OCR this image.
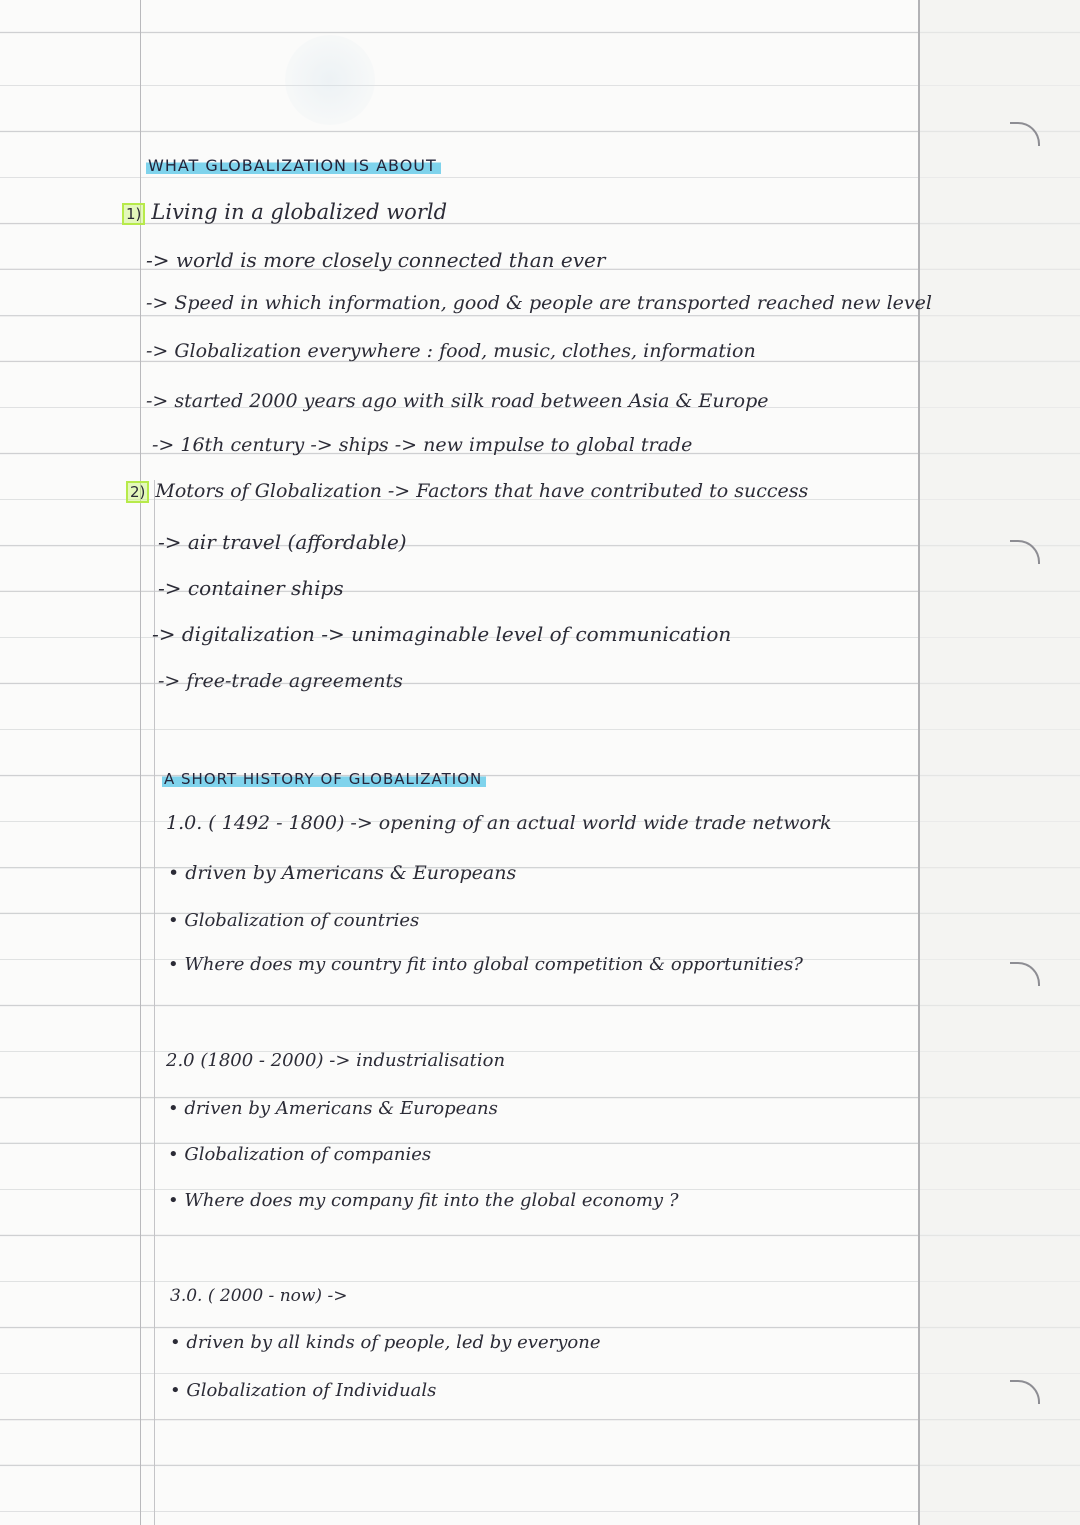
WHAT GLOBALIZATION IS ABOUT
1) Living in a globalized world
-> world is more closely connected than ever
-> Speed in which information, good & people are transported reached new level
-> Globalization everywhere : food, music, clothes, information
-> started 2000 years ago with silk road between Asia & Europe
-> 16th century -> ships -> new impulse to global trade
2) Motors of Globalization -> Factors that have contributed to success
-> air travel (affordable)
-> container ships
-> digitalization -> unimaginable level of communication
-> free-trade agreements
A SHORT HISTORY OF GLOBALIZATION
1.0. ( 1492 - 1800) -> opening of an actual world wide trade network
• driven by Americans & Europeans
• Globalization of countries
• Where does my country fit into global competition & opportunities?
2.0 (1800 - 2000) -> industrialisation
• driven by Americans & Europeans
• Globalization of companies
• Where does my company fit into the global economy ?
3.0. ( 2000 - now) ->
• driven by all kinds of people, led by everyone
• Globalization of Individuals
